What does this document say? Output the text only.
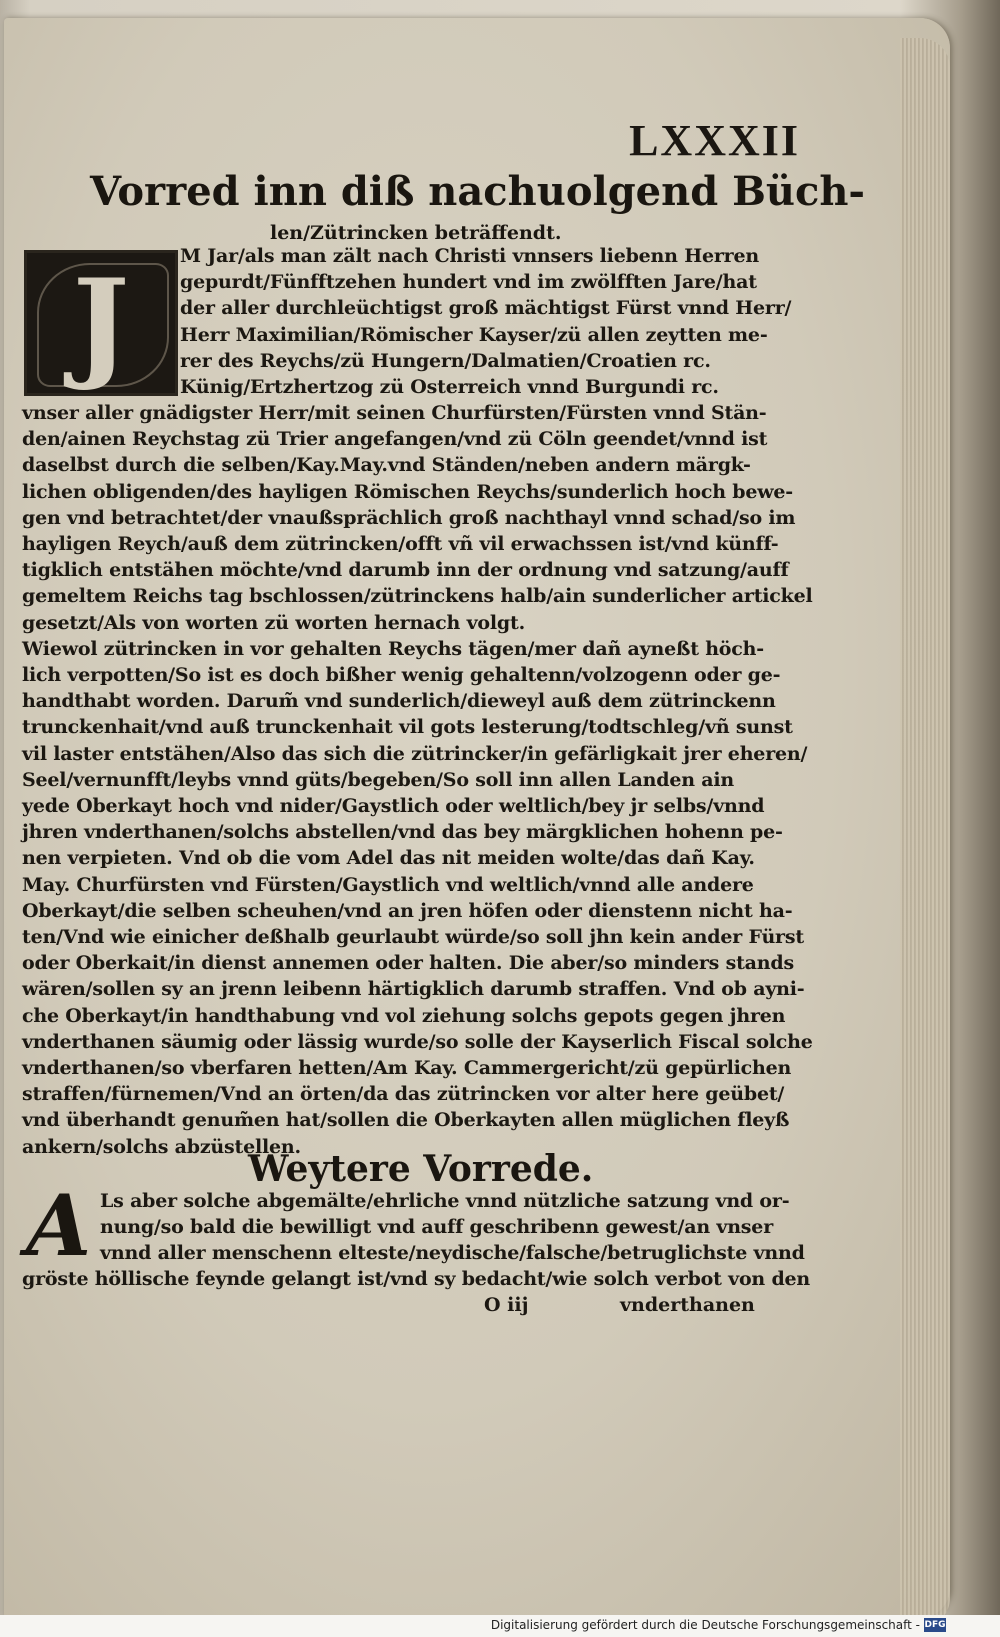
LXXXII
Vorred inn diß nachuolgend Büch-
len/Zütrincken beträffendt.
J	M Jar/als man zält nach Christi vnnsers liebenn Herren
gepurdt/Fünfftzehen hundert vnd im zwölfften Jare/hat
der aller durchleüchtigst groß mächtigst Fürst vnnd Herr/
Herr Maximilian/Römischer Kayser/zü allen zeytten me-
rer des Reychs/zü Hungern/Dalmatien/Croatien rc.
Künig/Ertzhertzog zü Osterreich vnnd Burgundi rc.
vnser aller gnädigster Herr/mit seinen Churfürsten/Fürsten vnnd Stän-
den/ainen Reychstag zü Trier angefangen/vnd zü Cöln geendet/vnnd ist
daselbst durch die selben/Kay.May.vnd Ständen/neben andern märgk-
lichen obligenden/des hayligen Römischen Reychs/sunderlich hoch bewe-
gen vnd betrachtet/der vnaußsprächlich groß nachthayl vnnd schad/so im
hayligen Reych/auß dem zütrincken/offt vñ vil erwachssen ist/vnd künff-
tigklich entstähen möchte/vnd darumb inn der ordnung vnd satzung/auff
gemeltem Reichs tag bschlossen/zütrinckens halb/ain sunderlicher artickel
gesetzt/Als von worten zü worten hernach volgt.
Wiewol zütrincken in vor gehalten Reychs tägen/mer dañ ayneßt höch-
lich verpotten/So ist es doch bißher wenig gehaltenn/volzogenn oder ge-
handthabt worden. Darum̃ vnd sunderlich/dieweyl auß dem zütrinckenn
trunckenhait/vnd auß trunckenhait vil gots lesterung/todtschleg/vñ sunst
vil laster entstähen/Also das sich die zütrincker/in gefärligkait jrer eheren/
Seel/vernunfft/leybs vnnd güts/begeben/So soll inn allen Landen ain
yede Oberkayt hoch vnd nider/Gaystlich oder weltlich/bey jr selbs/vnnd
jhren vnderthanen/solchs abstellen/vnd das bey märgklichen hohenn pe-
nen verpieten. Vnd ob die vom Adel das nit meiden wolte/das dañ Kay.
May. Churfürsten vnd Fürsten/Gaystlich vnd weltlich/vnnd alle andere
Oberkayt/die selben scheuhen/vnd an jren höfen oder dienstenn nicht ha-
ten/Vnd wie einicher deßhalb geurlaubt würde/so soll jhn kein ander Fürst
oder Oberkait/in dienst annemen oder halten. Die aber/so minders stands
wären/sollen sy an jrenn leibenn härtigklich darumb straffen. Vnd ob ayni-
che Oberkayt/in handthabung vnd vol ziehung solchs gepots gegen jhren
vnderthanen säumig oder lässig wurde/so solle der Kayserlich Fiscal solche
vnderthanen/so vberfaren hetten/Am Kay. Cammergericht/zü gepürlichen
straffen/fürnemen/Vnd an örten/da das zütrincken vor alter here geübet/
vnd überhandt genum̃en hat/sollen die Oberkayten allen müglichen fleyß
ankern/solchs abzüstellen.
Weytere Vorrede.
A Ls aber solche abgemälte/ehrliche vnnd nützliche satzung vnd or-
nung/so bald die bewilligt vnd auff geschribenn gewest/an vnser
vnnd aller menschenn elteste/neydische/falsche/betruglichste vnnd
gröste höllische feynde gelangt ist/vnd sy bedacht/wie solch verbot von den
O iij	vnderthanen
Digitalisierung gefördert durch die Deutsche Forschungsgemeinschaft - DFG
